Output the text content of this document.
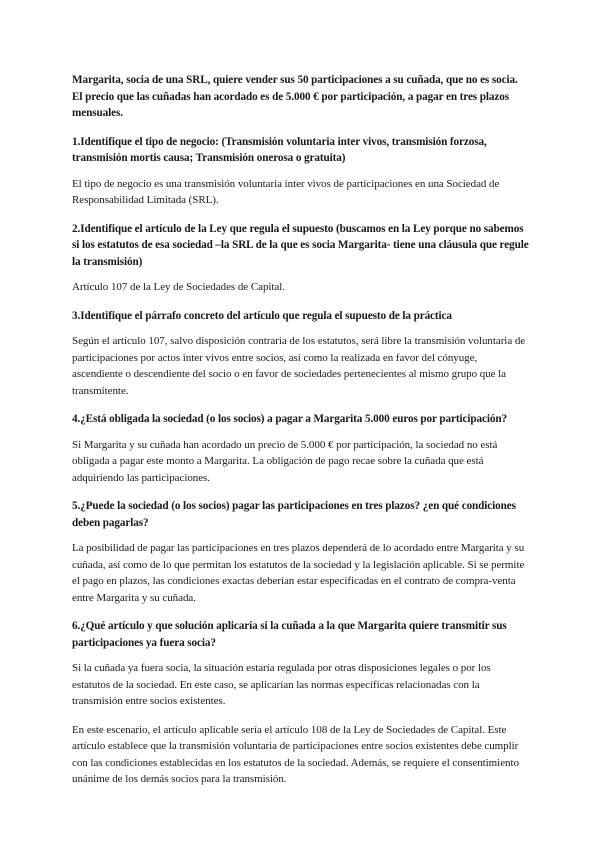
Margarita, socia de una SRL, quiere vender sus 50 participaciones a su cuñada, que no es socia. El precio que las cuñadas han acordado es de 5.000 € por participación, a pagar en tres plazos mensuales.

1.Identifique el tipo de negocio: (Transmisión voluntaria inter vivos, transmisión forzosa, transmisión mortis causa; Transmisión onerosa o gratuita)

El tipo de negocio es una transmisión voluntaria inter vivos de participaciones en una Sociedad de Responsabilidad Limitada (SRL).

2.Identifique el artículo de la Ley que regula el supuesto (buscamos en la Ley porque no sabemos si los estatutos de esa sociedad –la SRL de la que es socia Margarita- tiene una cláusula que regule la transmisión)

Artículo 107 de la Ley de Sociedades de Capital.

3.Identifique el párrafo concreto del artículo que regula el supuesto de la práctica

Según el artículo 107, salvo disposición contraria de los estatutos, será libre la transmisión voluntaria de participaciones por actos inter vivos entre socios, así como la realizada en favor del cónyuge, ascendiente o descendiente del socio o en favor de sociedades pertenecientes al mismo grupo que la transmitente.

4.¿Está obligada la sociedad (o los socios) a pagar a Margarita 5.000 euros por participación?

Si Margarita y su cuñada han acordado un precio de 5.000 € por participación, la sociedad no está obligada a pagar este monto a Margarita. La obligación de pago recae sobre la cuñada que está adquiriendo las participaciones.

5.¿Puede la sociedad (o los socios) pagar las participaciones en tres plazos? ¿en qué condiciones deben pagarlas?

La posibilidad de pagar las participaciones en tres plazos dependerá de lo acordado entre Margarita y su cuñada, así como de lo que permitan los estatutos de la sociedad y la legislación aplicable. Si se permite el pago en plazos, las condiciones exactas deberían estar especificadas en el contrato de compra-venta entre Margarita y su cuñada.

6.¿Qué artículo y que solución aplicaría si la cuñada a la que Margarita quiere transmitir sus participaciones ya fuera socia?

Si la cuñada ya fuera socia, la situación estaría regulada por otras disposiciones legales o por los estatutos de la sociedad. En este caso, se aplicarían las normas específicas relacionadas con la transmisión entre socios existentes.

En este escenario, el artículo aplicable sería el artículo 108 de la Ley de Sociedades de Capital. Este artículo establece que la transmisión voluntaria de participaciones entre socios existentes debe cumplir con las condiciones establecidas en los estatutos de la sociedad. Además, se requiere el consentimiento unánime de los demás socios para la transmisión.
